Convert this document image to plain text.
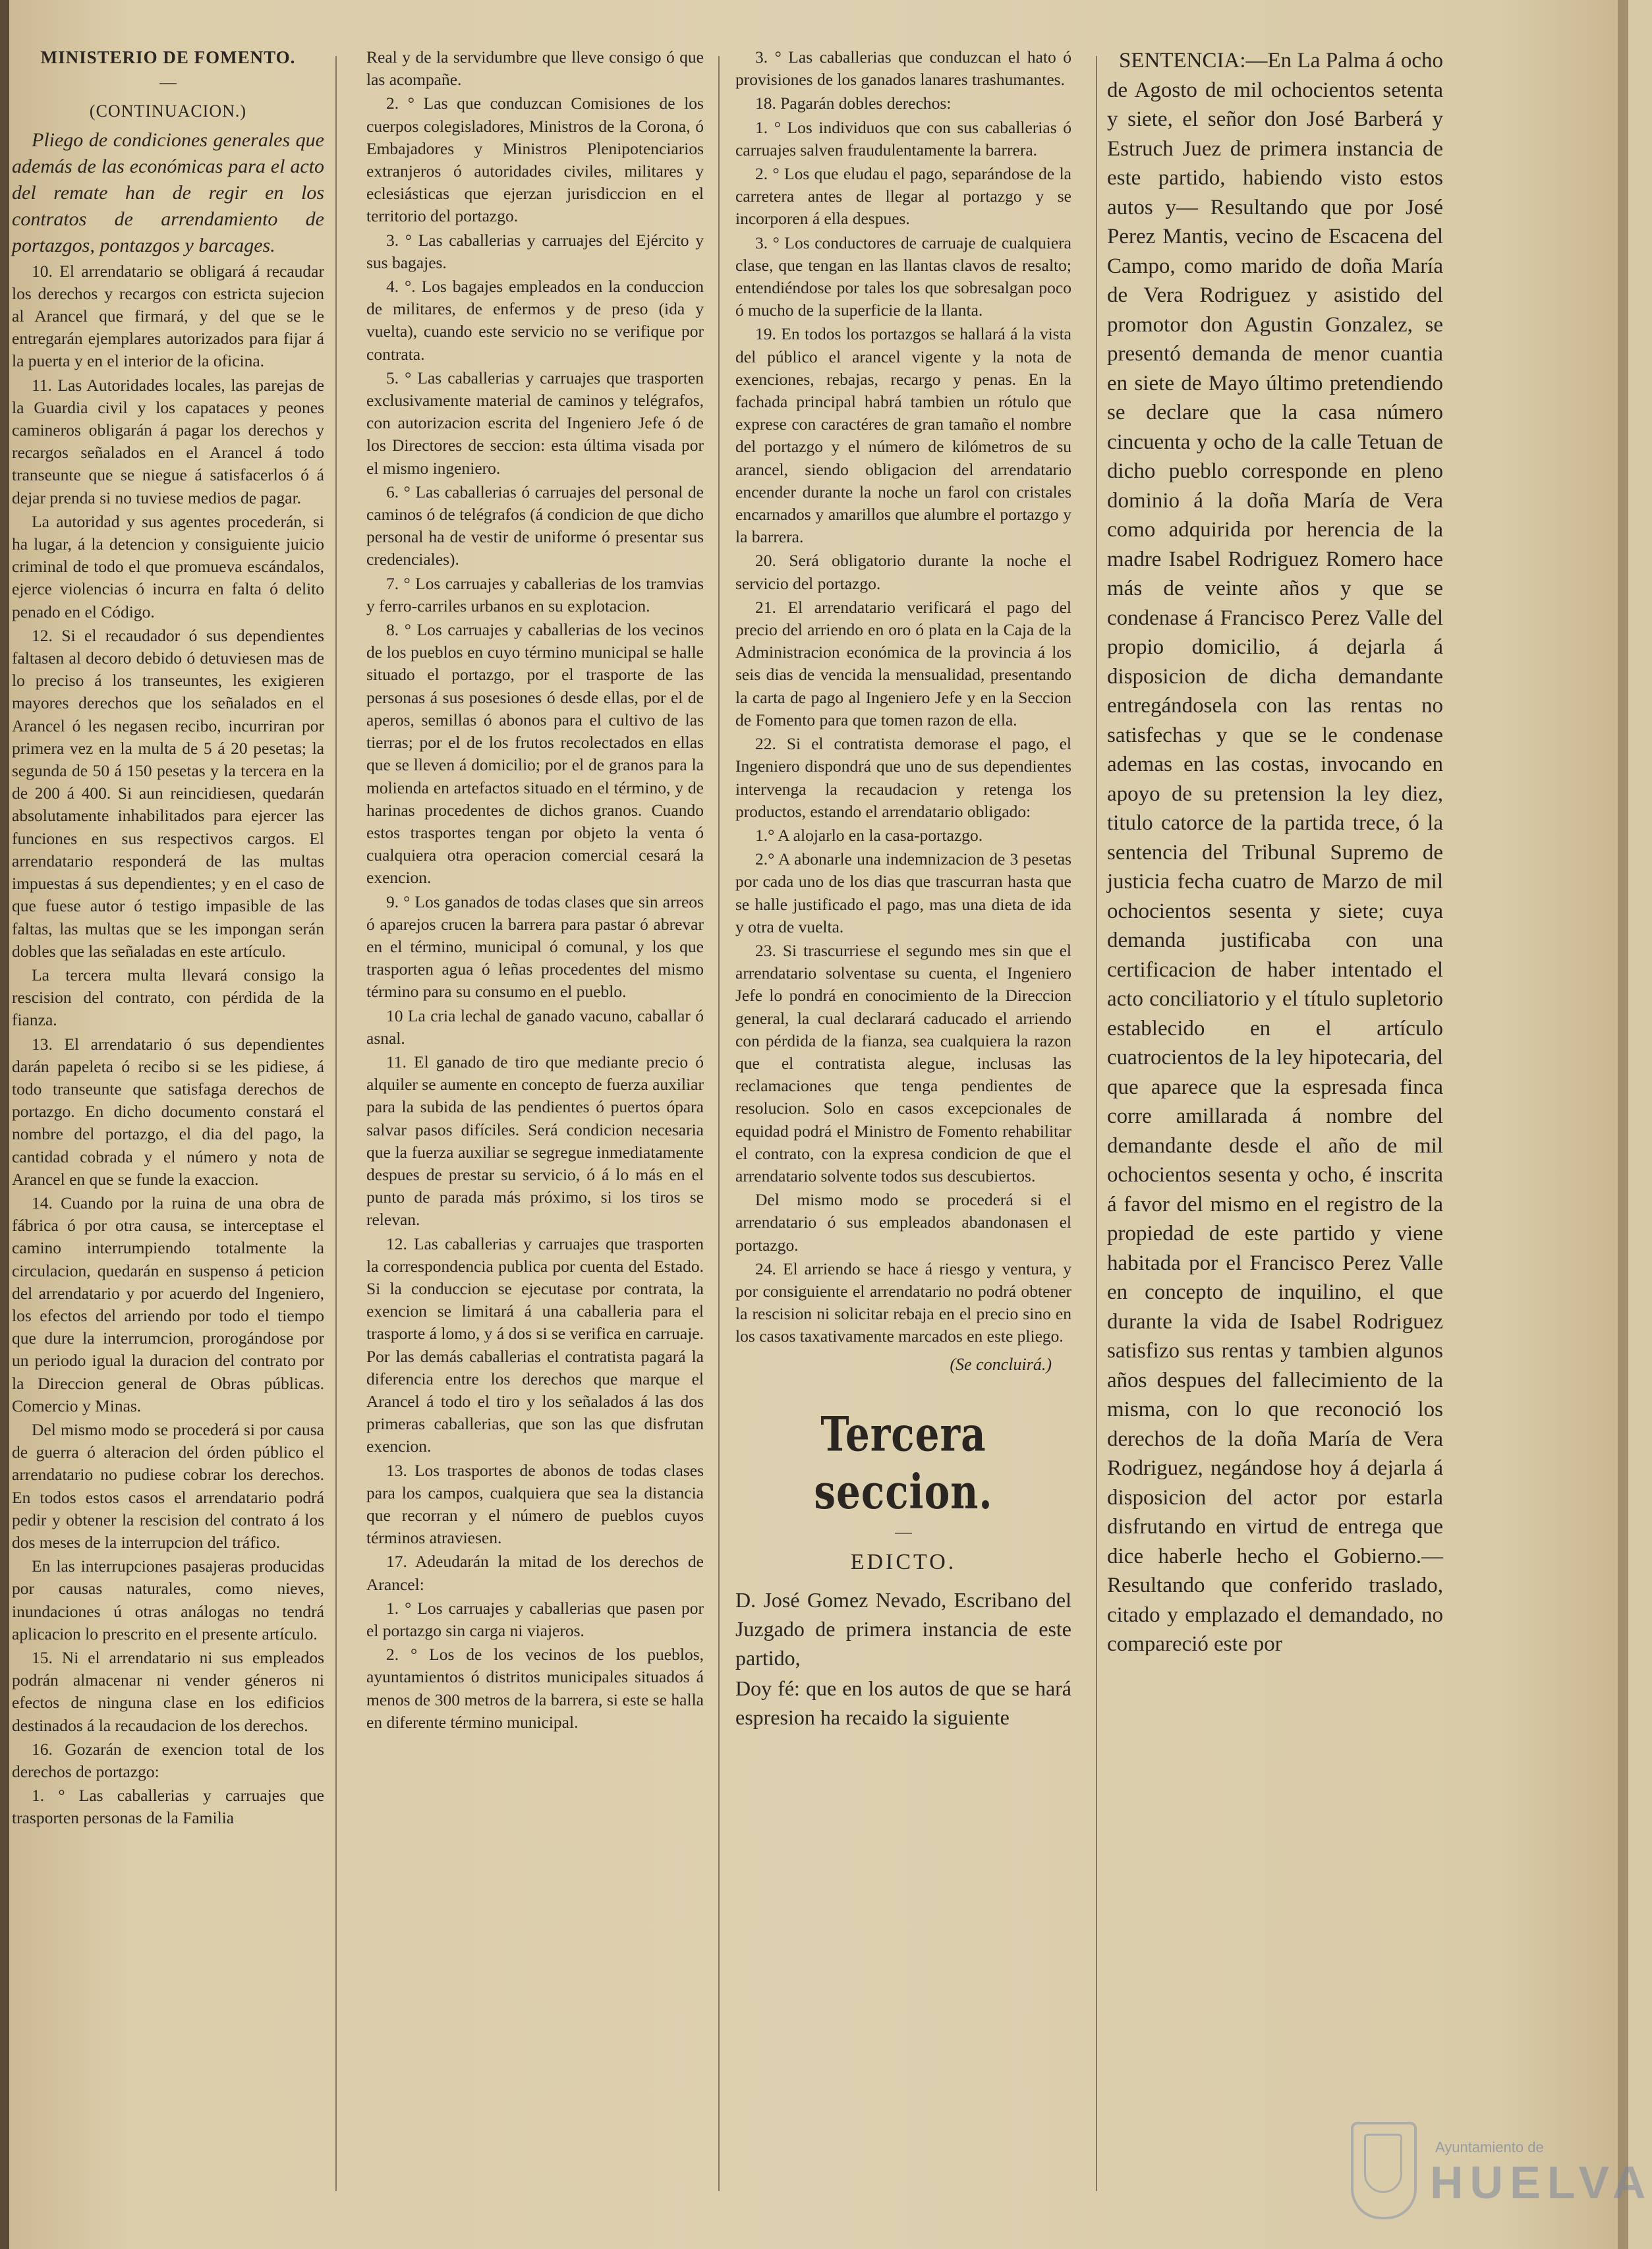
MINISTERIO DE FOMENTO.
—
(CONTINUACION.)

Pliego de condiciones generales que además de las económicas para el acto del remate han de regir en los contratos de arrendamiento de portazgos, pontazgos y barcages.

10. El arrendatario se obligará á recaudar los derechos y recargos con estricta sujecion al Arancel que firmará, y del que se le entregarán ejemplares autorizados para fijar á la puerta y en el interior de la oficina.

11. Las Autoridades locales, las parejas de la Guardia civil y los capataces y peones camineros obligarán á pagar los derechos y recargos señalados en el Arancel á todo transeunte que se niegue á satisfacerlos ó á dejar prenda si no tuviese medios de pagar.

La autoridad y sus agentes procederán, si ha lugar, á la detencion y consiguiente juicio criminal de todo el que promueva escándalos, ejerce violencias ó incurra en falta ó delito penado en el Código.

12. Si el recaudador ó sus dependientes faltasen al decoro debido ó detuviesen mas de lo preciso á los transeuntes, les exigieren mayores derechos que los señalados en el Arancel ó les negasen recibo, incurriran por primera vez en la multa de 5 á 20 pesetas; la segunda de 50 á 150 pesetas y la tercera en la de 200 á 400. Si aun reincidiesen, quedarán absolutamente inhabilitados para ejercer las funciones en sus respectivos cargos. El arrendatario responderá de las multas impuestas á sus dependientes; y en el caso de que fuese autor ó testigo impasible de las faltas, las multas que se les impongan serán dobles que las señaladas en este artículo.

La tercera multa llevará consigo la rescision del contrato, con pérdida de la fianza.

13. El arrendatario ó sus dependientes darán papeleta ó recibo si se les pidiese, á todo transeunte que satisfaga derechos de portazgo. En dicho documento constará el nombre del portazgo, el dia del pago, la cantidad cobrada y el número y nota de Arancel en que se funde la exaccion.

14. Cuando por la ruina de una obra de fábrica ó por otra causa, se interceptase el camino interrumpiendo totalmente la circulacion, quedarán en suspenso á peticion del arrendatario y por acuerdo del Ingeniero, los efectos del arriendo por todo el tiempo que dure la interrumcion, prorogándose por un periodo igual la duracion del contrato por la Direccion general de Obras públicas. Comercio y Minas.

Del mismo modo se procederá si por causa de guerra ó alteracion del órden público el arrendatario no pudiese cobrar los derechos. En todos estos casos el arrendatario podrá pedir y obtener la rescision del contrato á los dos meses de la interrupcion del tráfico.

En las interrupciones pasajeras producidas por causas naturales, como nieves, inundaciones ú otras análogas no tendrá aplicacion lo prescrito en el presente artículo.

15. Ni el arrendatario ni sus empleados podrán almacenar ni vender géneros ni efectos de ninguna clase en los edificios destinados á la recaudacion de los derechos.

16. Gozarán de exencion total de los derechos de portazgo:

1. ° Las caballerias y carruajes que trasporten personas de la Familia

Real y de la servidumbre que lleve consigo ó que las acompañe.

2. ° Las que conduzcan Comisiones de los cuerpos colegisladores, Ministros de la Corona, ó Embajadores y Ministros Plenipotenciarios extranjeros ó autoridades civiles, militares y eclesiásticas que ejerzan jurisdiccion en el territorio del portazgo.

3. ° Las caballerias y carruajes del Ejército y sus bagajes.

4. °. Los bagajes empleados en la conduccion de militares, de enfermos y de preso (ida y vuelta), cuando este servicio no se verifique por contrata.

5. ° Las caballerias y carruajes que trasporten exclusivamente material de caminos y telégrafos, con autorizacion escrita del Ingeniero Jefe ó de los Directores de seccion: esta última visada por el mismo ingeniero.

6. ° Las caballerias ó carruajes del personal de caminos ó de telégrafos (á condicion de que dicho personal ha de vestir de uniforme ó presentar sus credenciales).

7. ° Los carruajes y caballerias de los tramvias y ferro-carriles urbanos en su explotacion.

8. ° Los carruajes y caballerias de los vecinos de los pueblos en cuyo término municipal se halle situado el portazgo, por el trasporte de las personas á sus posesiones ó desde ellas, por el de aperos, semillas ó abonos para el cultivo de las tierras; por el de los frutos recolectados en ellas que se lleven á domicilio; por el de granos para la molienda en artefactos situado en el término, y de harinas procedentes de dichos granos. Cuando estos trasportes tengan por objeto la venta ó cualquiera otra operacion comercial cesará la exencion.

9. ° Los ganados de todas clases que sin arreos ó aparejos crucen la barrera para pastar ó abrevar en el término, municipal ó comunal, y los que trasporten agua ó leñas procedentes del mismo término para su consumo en el pueblo.

10 La cria lechal de ganado vacuno, caballar ó asnal.

11. El ganado de tiro que mediante precio ó alquiler se aumente en concepto de fuerza auxiliar para la subida de las pendientes ó puertos ópara salvar pasos difíciles. Será condicion necesaria que la fuerza auxiliar se segregue inmediatamente despues de prestar su servicio, ó á lo más en el punto de parada más próximo, si los tiros se relevan.

12. Las caballerias y carruajes que trasporten la correspondencia publica por cuenta del Estado. Si la conduccion se ejecutase por contrata, la exencion se limitará á una caballeria para el trasporte á lomo, y á dos si se verifica en carruaje. Por las demás caballerias el contratista pagará la diferencia entre los derechos que marque el Arancel á todo el tiro y los señalados á las dos primeras caballerias, que son las que disfrutan exencion.

13. Los trasportes de abonos de todas clases para los campos, cualquiera que sea la distancia que recorran y el número de pueblos cuyos términos atraviesen.

17. Adeudarán la mitad de los derechos de Arancel:

1. ° Los carruajes y caballerias que pasen por el portazgo sin carga ni viajeros.

2. ° Los de los vecinos de los pueblos, ayuntamientos ó distritos municipales situados á menos de 300 metros de la barrera, si este se halla en diferente término municipal.

3. ° Las caballerias que conduzcan el hato ó provisiones de los ganados lanares trashumantes.

18. Pagarán dobles derechos:

1. ° Los individuos que con sus caballerias ó carruajes salven fraudulentamente la barrera.

2. ° Los que eludau el pago, separándose de la carretera antes de llegar al portazgo y se incorporen á ella despues.

3. ° Los conductores de carruaje de cualquiera clase, que tengan en las llantas clavos de resalto; entendiéndose por tales los que sobresalgan poco ó mucho de la superficie de la llanta.

19. En todos los portazgos se hallará á la vista del público el arancel vigente y la nota de exenciones, rebajas, recargo y penas. En la fachada principal habrá tambien un rótulo que exprese con caractéres de gran tamaño el nombre del portazgo y el número de kilómetros de su arancel, siendo obligacion del arrendatario encender durante la noche un farol con cristales encarnados y amarillos que alumbre el portazgo y la barrera.

20. Será obligatorio durante la noche el servicio del portazgo.

21. El arrendatario verificará el pago del precio del arriendo en oro ó plata en la Caja de la Administracion económica de la provincia á los seis dias de vencida la mensualidad, presentando la carta de pago al Ingeniero Jefe y en la Seccion de Fomento para que tomen razon de ella.

22. Si el contratista demorase el pago, el Ingeniero dispondrá que uno de sus dependientes intervenga la recaudacion y retenga los productos, estando el arrendatario obligado:

1.° A alojarlo en la casa-portazgo.

2.° A abonarle una indemnizacion de 3 pesetas por cada uno de los dias que trascurran hasta que se halle justificado el pago, mas una dieta de ida y otra de vuelta.

23. Si trascurriese el segundo mes sin que el arrendatario solventase su cuenta, el Ingeniero Jefe lo pondrá en conocimiento de la Direccion general, la cual declarará caducado el arriendo con pérdida de la fianza, sea cualquiera la razon que el contratista alegue, inclusas las reclamaciones que tenga pendientes de resolucion. Solo en casos excepcionales de equidad podrá el Ministro de Fomento rehabilitar el contrato, con la expresa condicion de que el arrendatario solvente todos sus descubiertos.

Del mismo modo se procederá si el arrendatario ó sus empleados abandonasen el portazgo.

24. El arriendo se hace á riesgo y ventura, y por consiguiente el arrendatario no podrá obtener la rescision ni solicitar rebaja en el precio sino en los casos taxativamente marcados en este pliego.

(Se concluirá.)
Tercera seccion.
—
EDICTO.

D. José Gomez Nevado, Escribano del Juzgado de primera instancia de este partido,

Doy fé: que en los autos de que se hará espresion ha recaido la siguiente

SENTENCIA:—En La Palma á ocho de Agosto de mil ochocientos setenta y siete, el señor don José Barberá y Estruch Juez de primera instancia de este partido, habiendo visto estos autos y— Resultando que por José Perez Mantis, vecino de Escacena del Campo, como marido de doña María de Vera Rodriguez y asistido del promotor don Agustin Gonzalez, se presentó demanda de menor cuantia en siete de Mayo último pretendiendo se declare que la casa número cincuenta y ocho de la calle Tetuan de dicho pueblo corresponde en pleno dominio á la doña María de Vera como adquirida por herencia de la madre Isabel Rodriguez Romero hace más de veinte años y que se condenase á Francisco Perez Valle del propio domicilio, á dejarla á disposicion de dicha demandante entregándosela con las rentas no satisfechas y que se le condenase ademas en las costas, invocando en apoyo de su pretension la ley diez, titulo catorce de la partida trece, ó la sentencia del Tribunal Supremo de justicia fecha cuatro de Marzo de mil ochocientos sesenta y siete; cuya demanda justificaba con una certificacion de haber intentado el acto conciliatorio y el título supletorio establecido en el artículo cuatrocientos de la ley hipotecaria, del que aparece que la espresada finca corre amillarada á nombre del demandante desde el año de mil ochocientos sesenta y ocho, é inscrita á favor del mismo en el registro de la propiedad de este partido y viene habitada por el Francisco Perez Valle en concepto de inquilino, el que durante la vida de Isabel Rodriguez satisfizo sus rentas y tambien algunos años despues del fallecimiento de la misma, con lo que reconoció los derechos de la doña María de Vera Rodriguez, negándose hoy á dejarla á disposicion del actor por estarla disfrutando en virtud de entrega que dice haberle hecho el Gobierno.—Resultando que conferido traslado, citado y emplazado el demandado, no compareció este por

Ayuntamiento de
HUELVA
